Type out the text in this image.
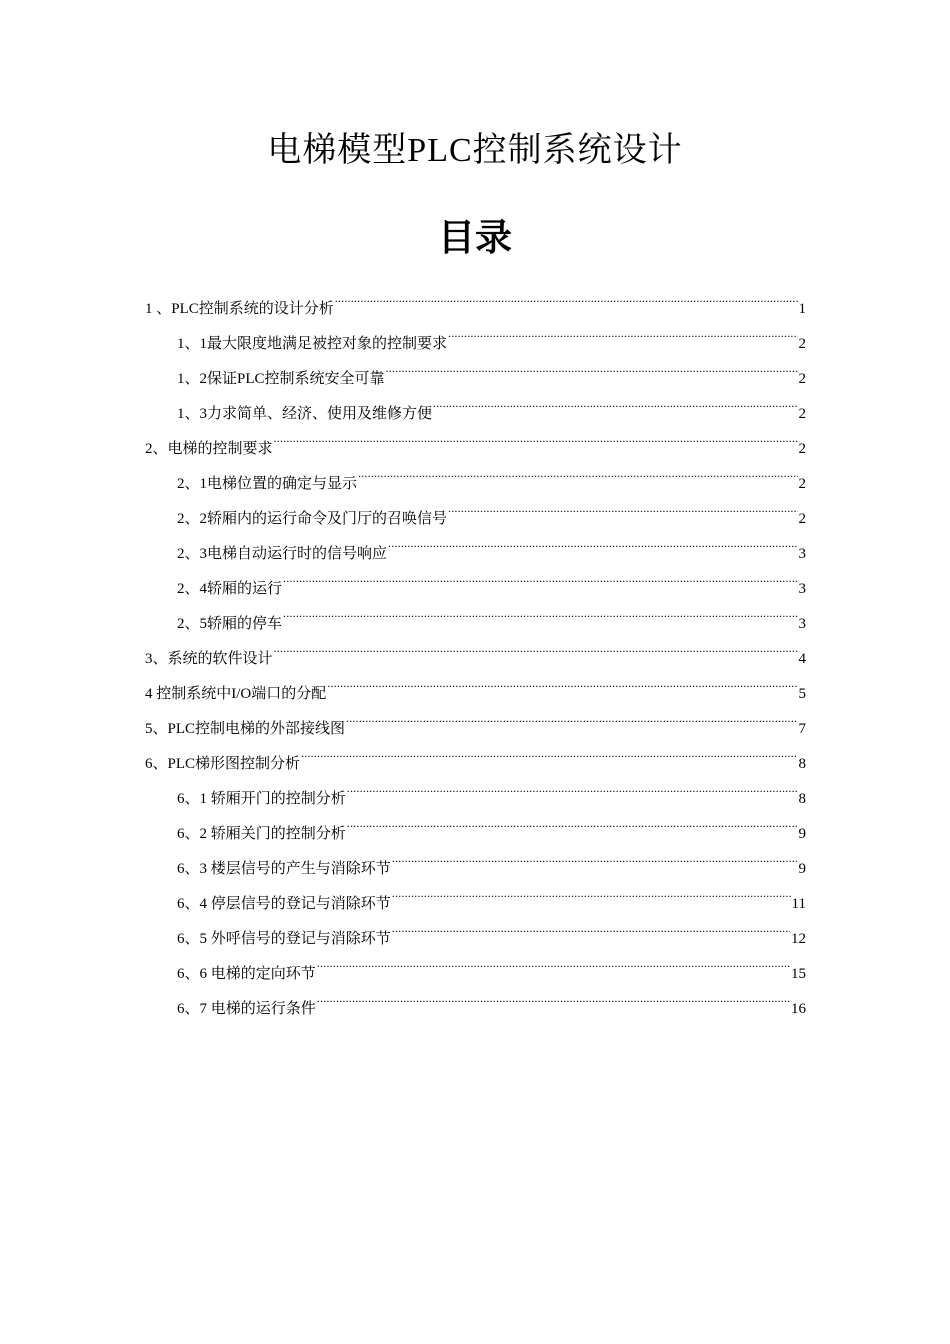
电梯模型PLC控制系统设计
目录
1 、PLC控制系统的设计分析 .....	1
1、1最大限度地满足被控对象的控制要求 .....	2
1、2保证PLC控制系统安全可靠 .....	2
1、3力求简单、经济、使用及维修方便 .....	2
2、电梯的控制要求 .....	2
2、1电梯位置的确定与显示 .....	2
2、2轿厢内的运行命令及门厅的召唤信号 .....	2
2、3电梯自动运行时的信号响应 .....	3
2、4轿厢的运行 .....	3
2、5轿厢的停车 .....	3
3、系统的软件设计 .....	4
4 控制系统中I/O端口的分配 .....	5
5、PLC控制电梯的外部接线图 .....	7
6、PLC梯形图控制分析 .....	8
6、1 轿厢开门的控制分析 .....	8
6、2 轿厢关门的控制分析 .....	9
6、3 楼层信号的产生与消除环节 .....	9
6、4 停层信号的登记与消除环节 .....	11
6、5 外呼信号的登记与消除环节 .....	12
6、6 电梯的定向环节 .....	15
6、7 电梯的运行条件 .....	16
